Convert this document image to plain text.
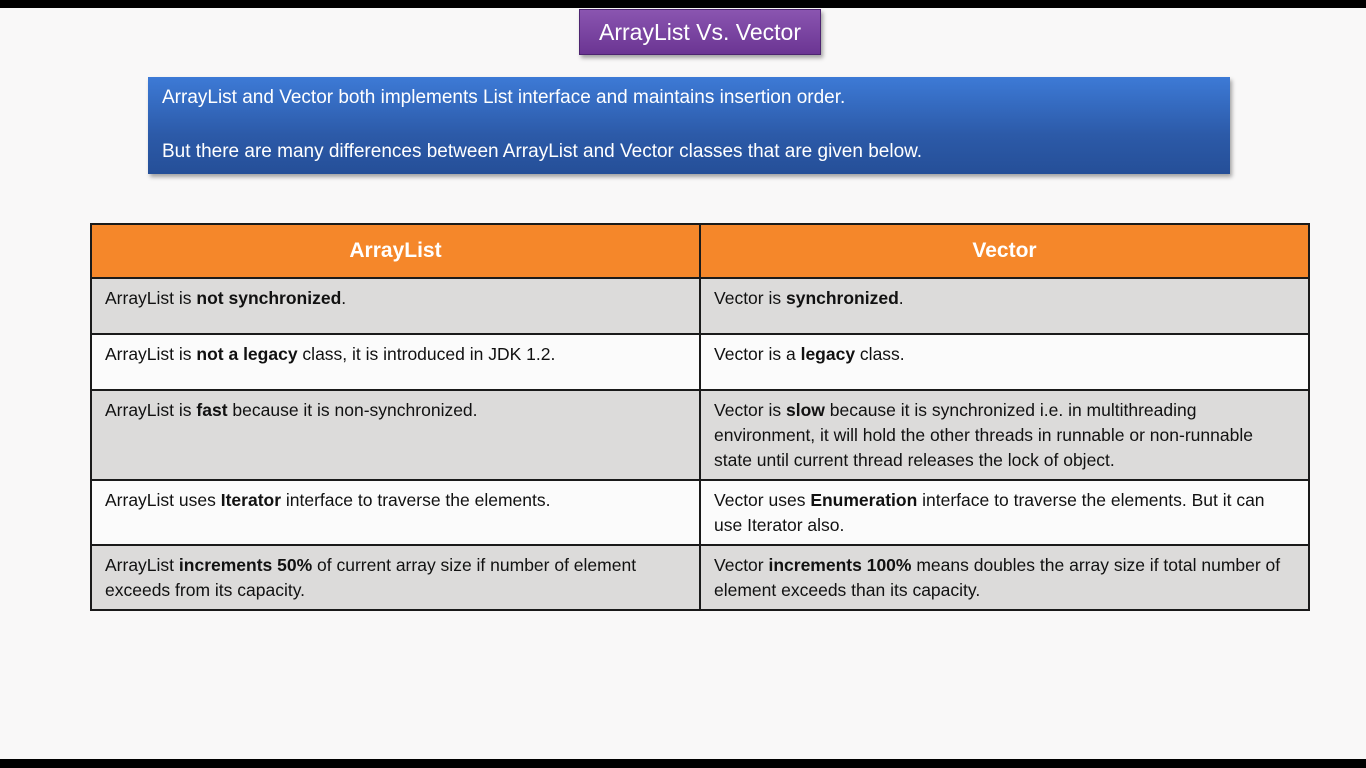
ArrayList Vs. Vector
ArrayList and Vector both implements List interface and maintains insertion order.
But there are many differences between ArrayList and Vector classes that are given below.
ArrayList	Vector
ArrayList is not synchronized.	Vector is synchronized.
ArrayList is not a legacy class, it is introduced in JDK 1.2.	Vector is a legacy class.
ArrayList is fast because it is non-synchronized.	Vector is slow because it is synchronized i.e. in multithreading environment, it will hold the other threads in runnable or non-runnable state until current thread releases the lock of object.
ArrayList uses Iterator interface to traverse the elements.	Vector uses Enumeration interface to traverse the elements. But it can use Iterator also.
ArrayList increments 50% of current array size if number of element exceeds from its capacity.	Vector increments 100% means doubles the array size if total number of element exceeds than its capacity.
